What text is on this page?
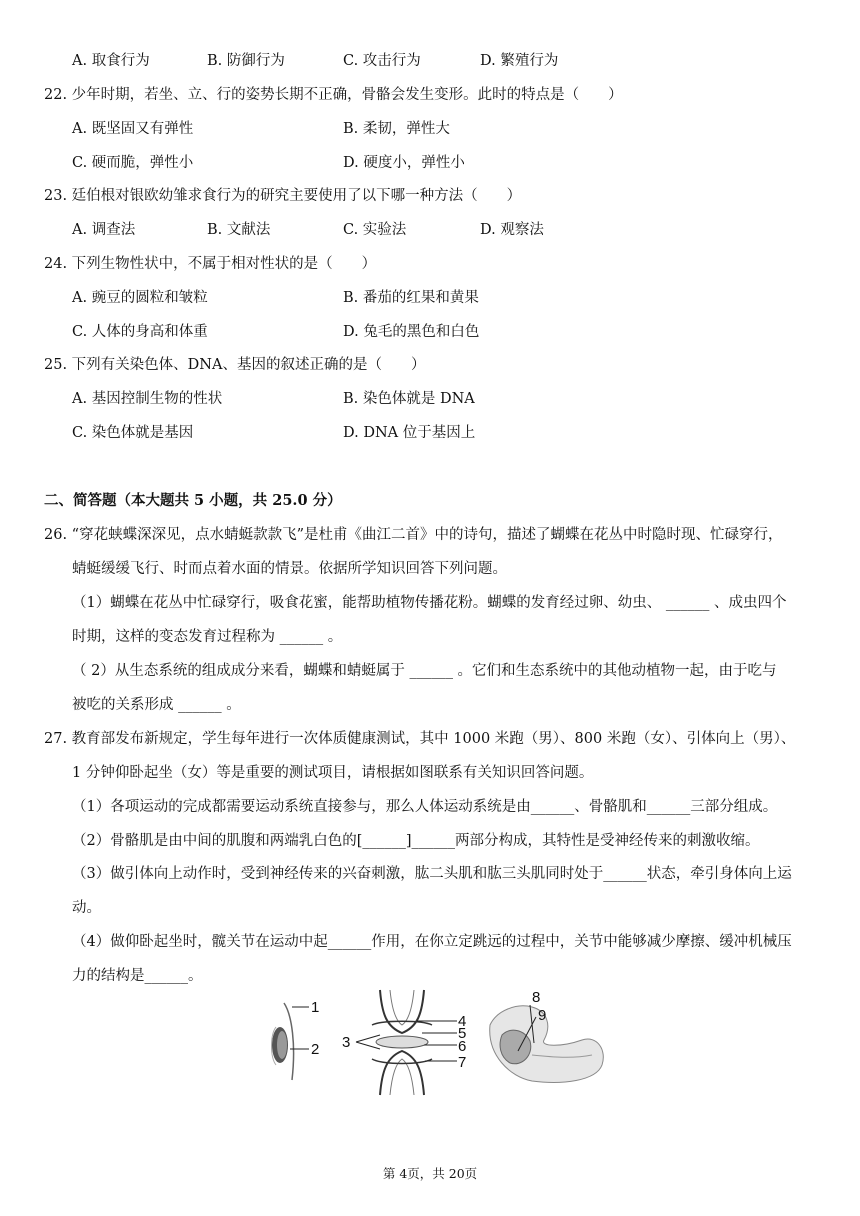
A. 取食行为	B. 防御行为	C. 攻击行为	D. 繁殖行为
22. 少年时期，若坐、立、行的姿势长期不正确，骨骼会发生变形。此时的特点是（　　）
A. 既坚固又有弹性	B. 柔韧，弹性大
C. 硬而脆，弹性小	D. 硬度小，弹性小
23. 廷伯根对银欧幼雏求食行为的研究主要使用了以下哪一种方法（　　）
A. 调查法	B. 文献法	C. 实验法	D. 观察法
24. 下列生物性状中，不属于相对性状的是（　　）
A. 豌豆的圆粒和皱粒	B. 番茄的红果和黄果
C. 人体的身高和体重	D. 兔毛的黑色和白色
25. 下列有关染色体、DNA、基因的叙述正确的是（　　）
A. 基因控制生物的性状	B. 染色体就是 DNA
C. 染色体就是基因	D. DNA 位于基因上
二、简答题（本大题共 5 小题，共 25.0 分）
26. “穿花蛱蝶深深见，点水蜻蜓款款飞”是杜甫《曲江二首》中的诗句，描述了蝴蝶在花丛中时隐时现、忙碌穿行，
蜻蜓缓缓飞行、时而点着水面的情景。依据所学知识回答下列问题。
（1）蝴蝶在花丛中忙碌穿行，吸食花蜜，能帮助植物传播花粉。蝴蝶的发育经过卵、幼虫、 ______ 、成虫四个
时期，这样的变态发育过程称为 ______ 。
（ 2）从生态系统的组成成分来看，蝴蝶和蜻蜓属于 ______ 。它们和生态系统中的其他动植物一起，由于吃与
被吃的关系形成 ______ 。
27. 教育部发布新规定，学生每年进行一次体质健康测试，其中 1000 米跑（男）、800 米跑（女）、引体向上（男）、
1 分钟仰卧起坐（女）等是重要的测试项目，请根据如图联系有关知识回答问题。
（1）各项运动的完成都需要运动系统直接参与，那么人体运动系统是由______、骨骼肌和______三部分组成。
（2）骨骼肌是由中间的肌腹和两端乳白色的[______]______两部分构成，其特性是受神经传来的刺激收缩。
（3）做引体向上动作时，受到神经传来的兴奋刺激，肱二头肌和肱三头肌同时处于______状态，牵引身体向上运
动。
（4）做仰卧起坐时，髋关节在运动中起______作用，在你立定跳远的过程中，关节中能够减少摩擦、缓冲机械压
力的结构是______。
1
2 3
4
5
6
7
8
9
第 4页，共 20页
